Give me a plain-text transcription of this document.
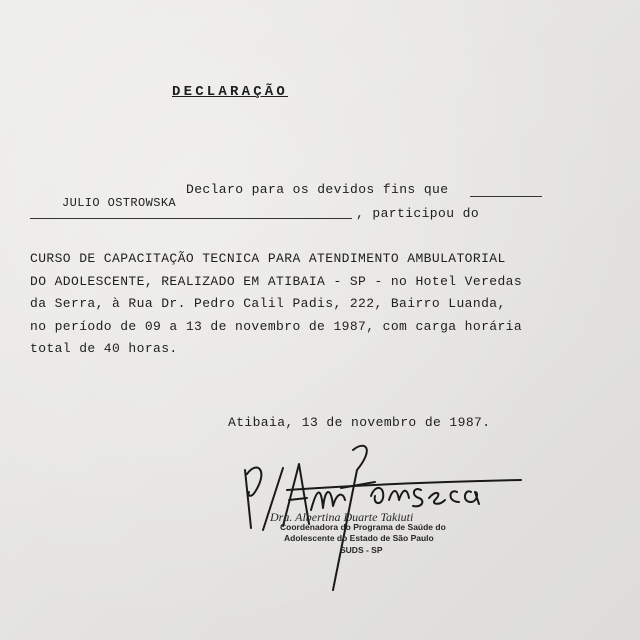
DECLARAÇÃO
Declaro para os devidos fins que
JULIO OSTROWSKA
, participou do
CURSO DE CAPACITAÇÃO TECNICA PARA ATENDIMENTO AMBULATORIAL
DO ADOLESCENTE, REALIZADO EM ATIBAIA - SP - no Hotel Veredas
da Serra, à Rua Dr. Pedro Calil Padis, 222, Bairro Luanda,
no período de 09 a 13 de novembro de 1987, com carga horária
total de 40 horas.
Atibaia, 13 de novembro de 1987.
Dra. Albertina Duarte Takiuti
Coordenadora do Programa de Saúde do
Adolescente do Estado de São Paulo
SUDS - SP
